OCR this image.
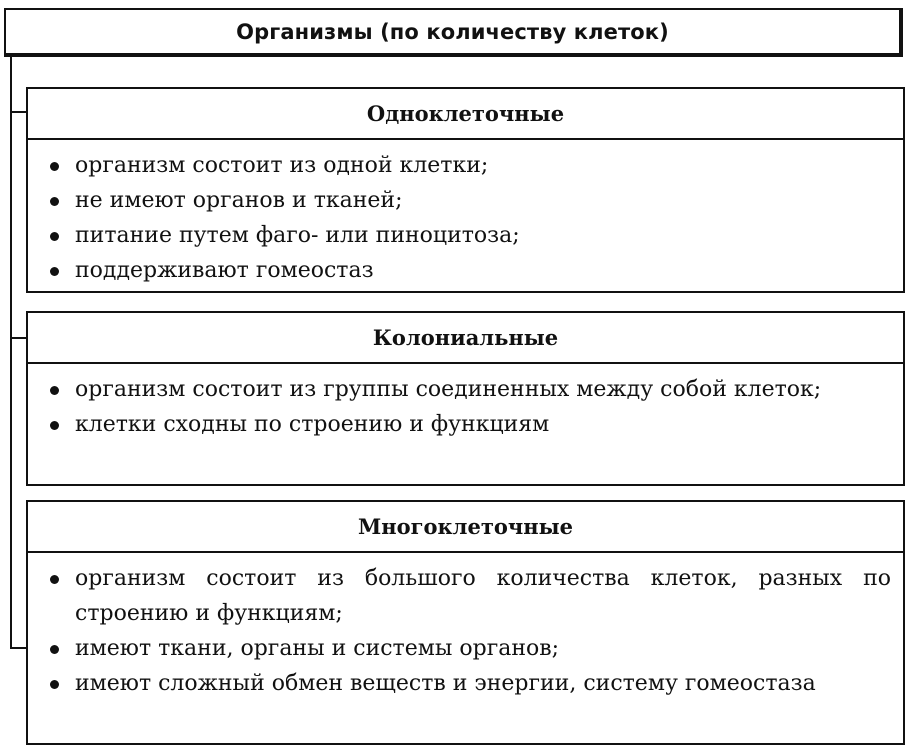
Организмы (по количеству клеток)
Одноклеточные
организм состоит из одной клетки;
не имеют органов и тканей;
питание путем фаго- или пиноцитоза;
поддерживают гомеостаз
Колониальные
организм состоит из группы соединенных между собой клеток;
клетки сходны по строению и функциям
Многоклеточные
организм состоит из большого количества клеток, разных по строению и функциям;
имеют ткани, органы и системы органов;
имеют сложный обмен веществ и энергии, систему гомеостаза
